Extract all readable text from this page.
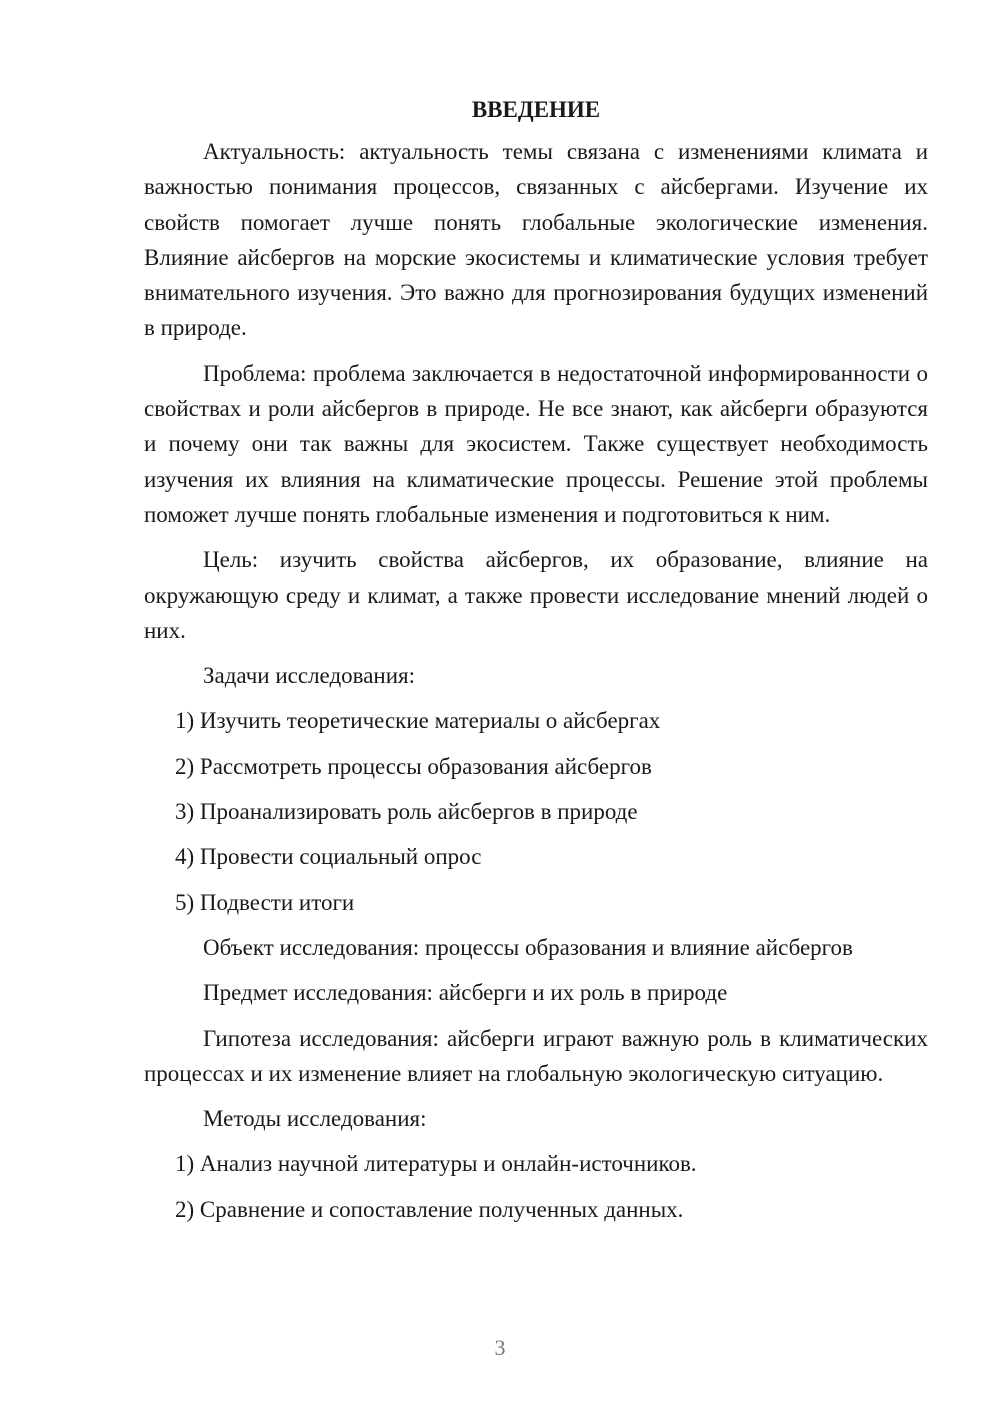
ВВЕДЕНИЕ
Актуальность: актуальность темы связана с изменениями климата и важностью понимания процессов, связанных с айсбергами. Изучение их свойств помогает лучше понять глобальные экологические изменения. Влияние айсбергов на морские экосистемы и климатические условия требует внимательного изучения. Это важно для прогнозирования будущих изменений в природе.
Проблема: проблема заключается в недостаточной информированности о свойствах и роли айсбергов в природе. Не все знают, как айсберги образуются и почему они так важны для экосистем. Также существует необходимость изучения их влияния на климатические процессы. Решение этой проблемы поможет лучше понять глобальные изменения и подготовиться к ним.
Цель: изучить свойства айсбергов, их образование, влияние на окружающую среду и климат, а также провести исследование мнений людей о них.
Задачи исследования:
1) Изучить теоретические материалы о айсбергах
2) Рассмотреть процессы образования айсбергов
3) Проанализировать роль айсбергов в природе
4) Провести социальный опрос
5) Подвести итоги
Объект исследования: процессы образования и влияние айсбергов
Предмет исследования: айсберги и их роль в природе
Гипотеза исследования: айсберги играют важную роль в климатических процессах и их изменение влияет на глобальную экологическую ситуацию.
Методы исследования:
1) Анализ научной литературы и онлайн-источников.
2) Сравнение и сопоставление полученных данных.
3
